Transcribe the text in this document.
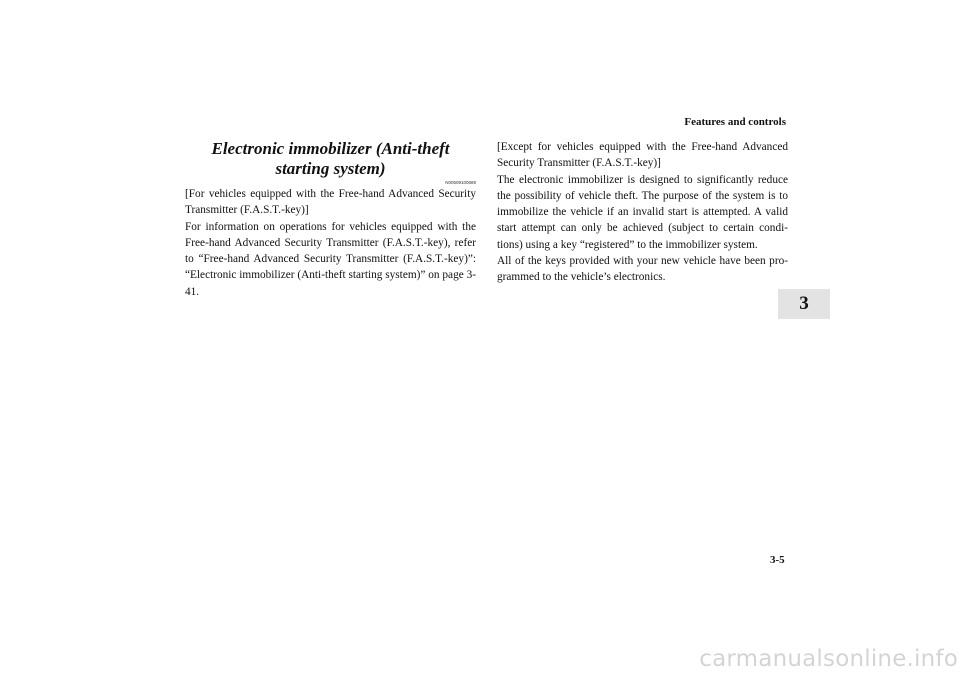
Features and controls
3
Electronic immobilizer (Anti-theft starting system)
N00509100689

[For vehicles equipped with the Free-hand Advanced Security Transmitter (F.A.S.T.-key)]

For information on operations for vehicles equipped with the Free-hand Advanced Security Transmitter (F.A.S.T.-key), refer to “Free-hand Advanced Security Transmitter (F.A.S.T.-key)”: “Electronic immobilizer (Anti-theft starting system)” on page 3-41.

[Except for vehicles equipped with the Free-hand Advanced Security Transmitter (F.A.S.T.-key)]

The electronic immobilizer is designed to significantly reduce the possibility of vehicle theft. The purpose of the system is to immobilize the vehicle if an invalid start is attempted. A valid start attempt can only be achieved (subject to certain condi-tions) using a key “registered” to the immobilizer system.

All of the keys provided with your new vehicle have been pro-grammed to the vehicle’s electronics.

3-5
carmanualsonline.info
